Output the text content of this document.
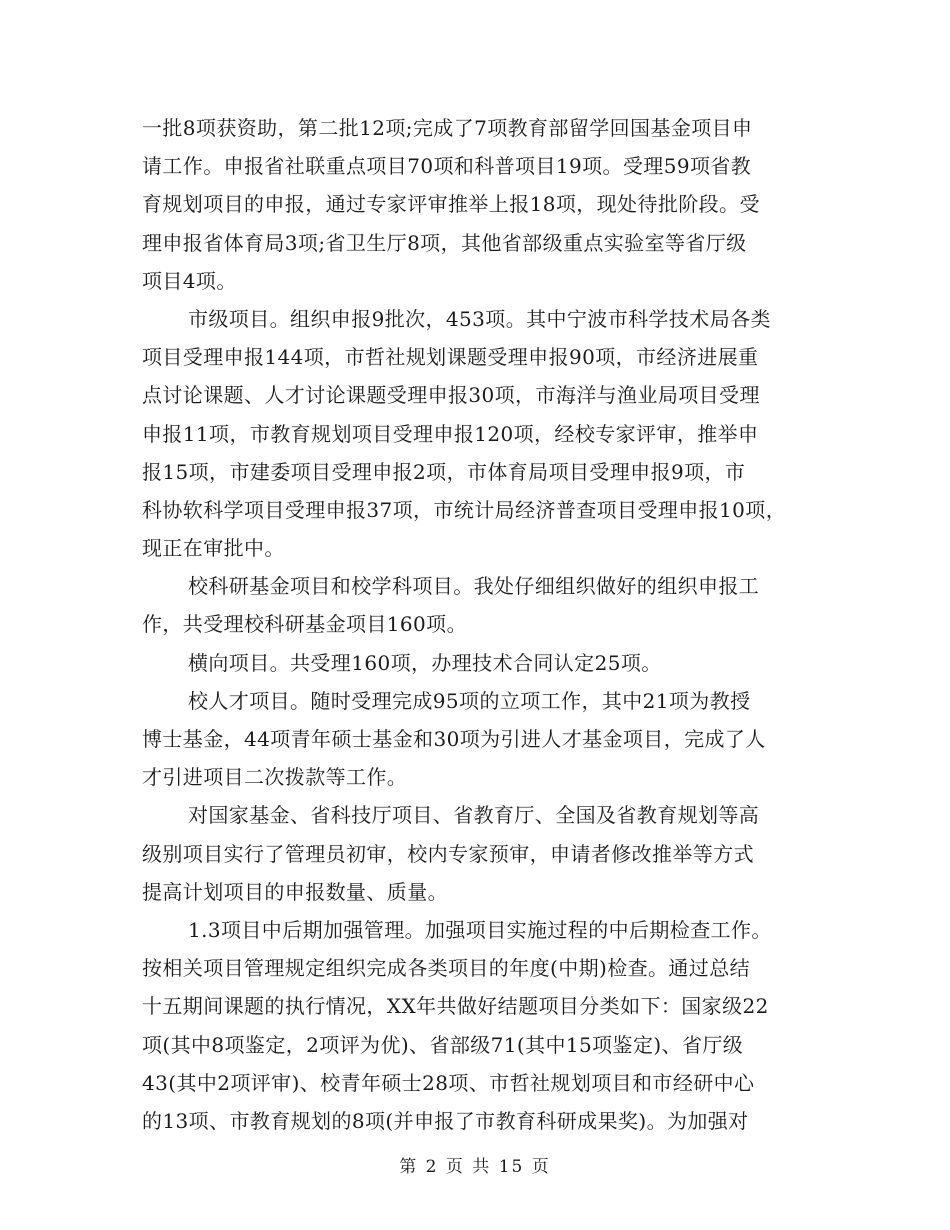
一批8项获资助，第二批12项;完成了7项教育部留学回国基金项目申
请工作。申报省社联重点项目70项和科普项目19项。受理59项省教
育规划项目的申报，通过专家评审推举上报18项，现处待批阶段。受
理申报省体育局3项;省卫生厅8项，其他省部级重点实验室等省厅级
项目4项。
市级项目。组织申报9批次，453项。其中宁波市科学技术局各类
项目受理申报144项，市哲社规划课题受理申报90项，市经济进展重
点讨论课题、人才讨论课题受理申报30项，市海洋与渔业局项目受理
申报11项，市教育规划项目受理申报120项，经校专家评审，推举申
报15项，市建委项目受理申报2项，市体育局项目受理申报9项，市
科协软科学项目受理申报37项，市统计局经济普查项目受理申报10项，
现正在审批中。
校科研基金项目和校学科项目。我处仔细组织做好的组织申报工
作，共受理校科研基金项目160项。
横向项目。共受理160项，办理技术合同认定25项。
校人才项目。随时受理完成95项的立项工作，其中21项为教授
博士基金，44项青年硕士基金和30项为引进人才基金项目，完成了人
才引进项目二次拨款等工作。
对国家基金、省科技厅项目、省教育厅、全国及省教育规划等高
级别项目实行了管理员初审，校内专家预审，申请者修改推举等方式
提高计划项目的申报数量、质量。
1.3项目中后期加强管理。加强项目实施过程的中后期检查工作。
按相关项目管理规定组织完成各类项目的年度(中期)检查。通过总结
十五期间课题的执行情况，XX年共做好结题项目分类如下：国家级22
项(其中8项鉴定，2项评为优)、省部级71(其中15项鉴定)、省厅级
43(其中2项评审)、校青年硕士28项、市哲社规划项目和市经研中心
的13项、市教育规划的8项(并申报了市教育科研成果奖)。为加强对
第 2 页 共 15 页
